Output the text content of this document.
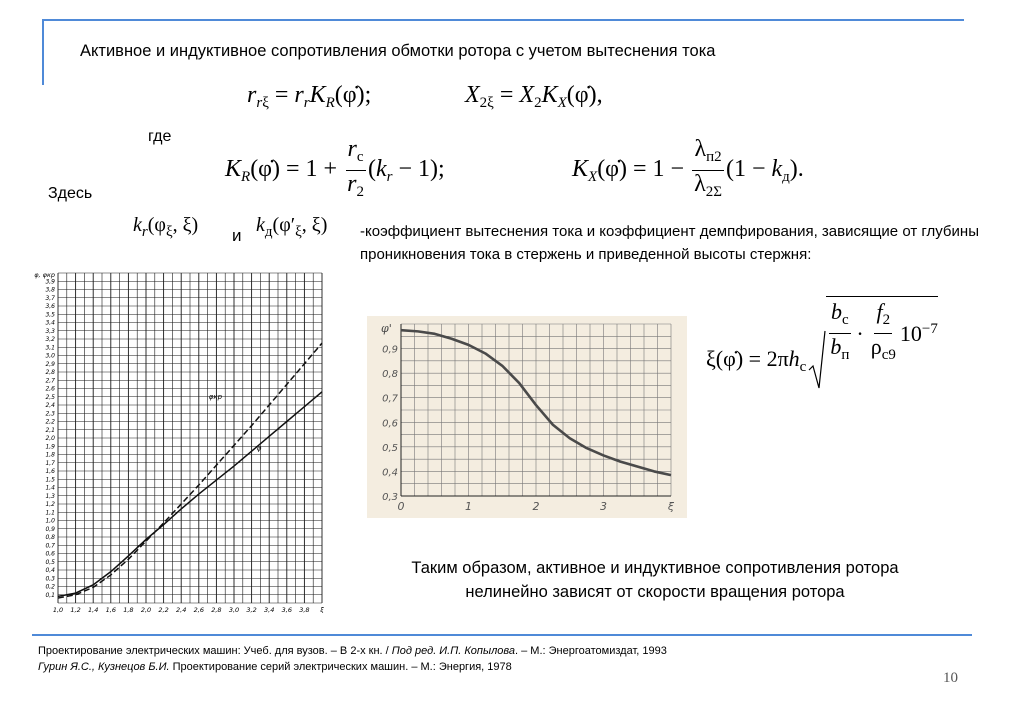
Активное и индуктивное сопротивления обмотки ротора с учетом вытеснения тока
$r_{r\xi}$ = $r_rK_R(\varphi̇)$;	$X_{2\xi}$ = $X_2K_X(\varphi̇)$,
где
$K_R(\varphi̇) = 1 + \frac{r_c}{r_2} (k_r - 1)$;	$K_X(\varphi̇) = 1 - \frac{\lambda_{п2}}{\lambda_{2\Sigma}} (1 - k_д)$.
Здесь
$k_r(\varphi_\xi$, ξ) и $k_д(\varphi'_\xi$, ξ) -коэффициент вытеснения тока и коэффициент демпфирования, зависящие от глубины проникновения тока в стержень и приведенной высоты стержня:
1,0 1,2 1,4 1,6 1,8 2,0 2,2 2,4 2,6 2,8 3,0 3,2 3,4 3,6 3,8 ξ
0,1
0,2
0,3
0,4
0,5
0,6
0,7
0,8
0,9
1,0
1,1
1,2
1,3
1,4
1,5
1,6
1,7
1,8
1,9
2,0
2,1
2,2
2,3
2,4
2,5
2,6
2,7
2,8
2,9
3,0
3,1
3,2
3,3
3,4
3,5
3,6
3,7
3,8
3,9
φ, φкр
φ
φкр
0	1	2	3	ξ
0,3
0,4
0,5
0,6
0,7
0,8
0,9
φ'
ξ(φ̇) = $2\pi h_с \frac{b_с}{b_п} \cdot \frac{f_2}{\rho_{с9}} 10^{-7}$
Таким образом, активное и индуктивное сопротивления ротора
нелинейно зависят от скорости вращения ротора
Проектирование электрических машин: Учеб. для вузов. – В 2-х кн. / Под ред. И.П. Копылова. – М.: Энергоатомиздат, 1993
Гурин Я.С., Кузнецов Б.И. Проектирование серий электрических машин. – М.: Энергия, 1978
10
